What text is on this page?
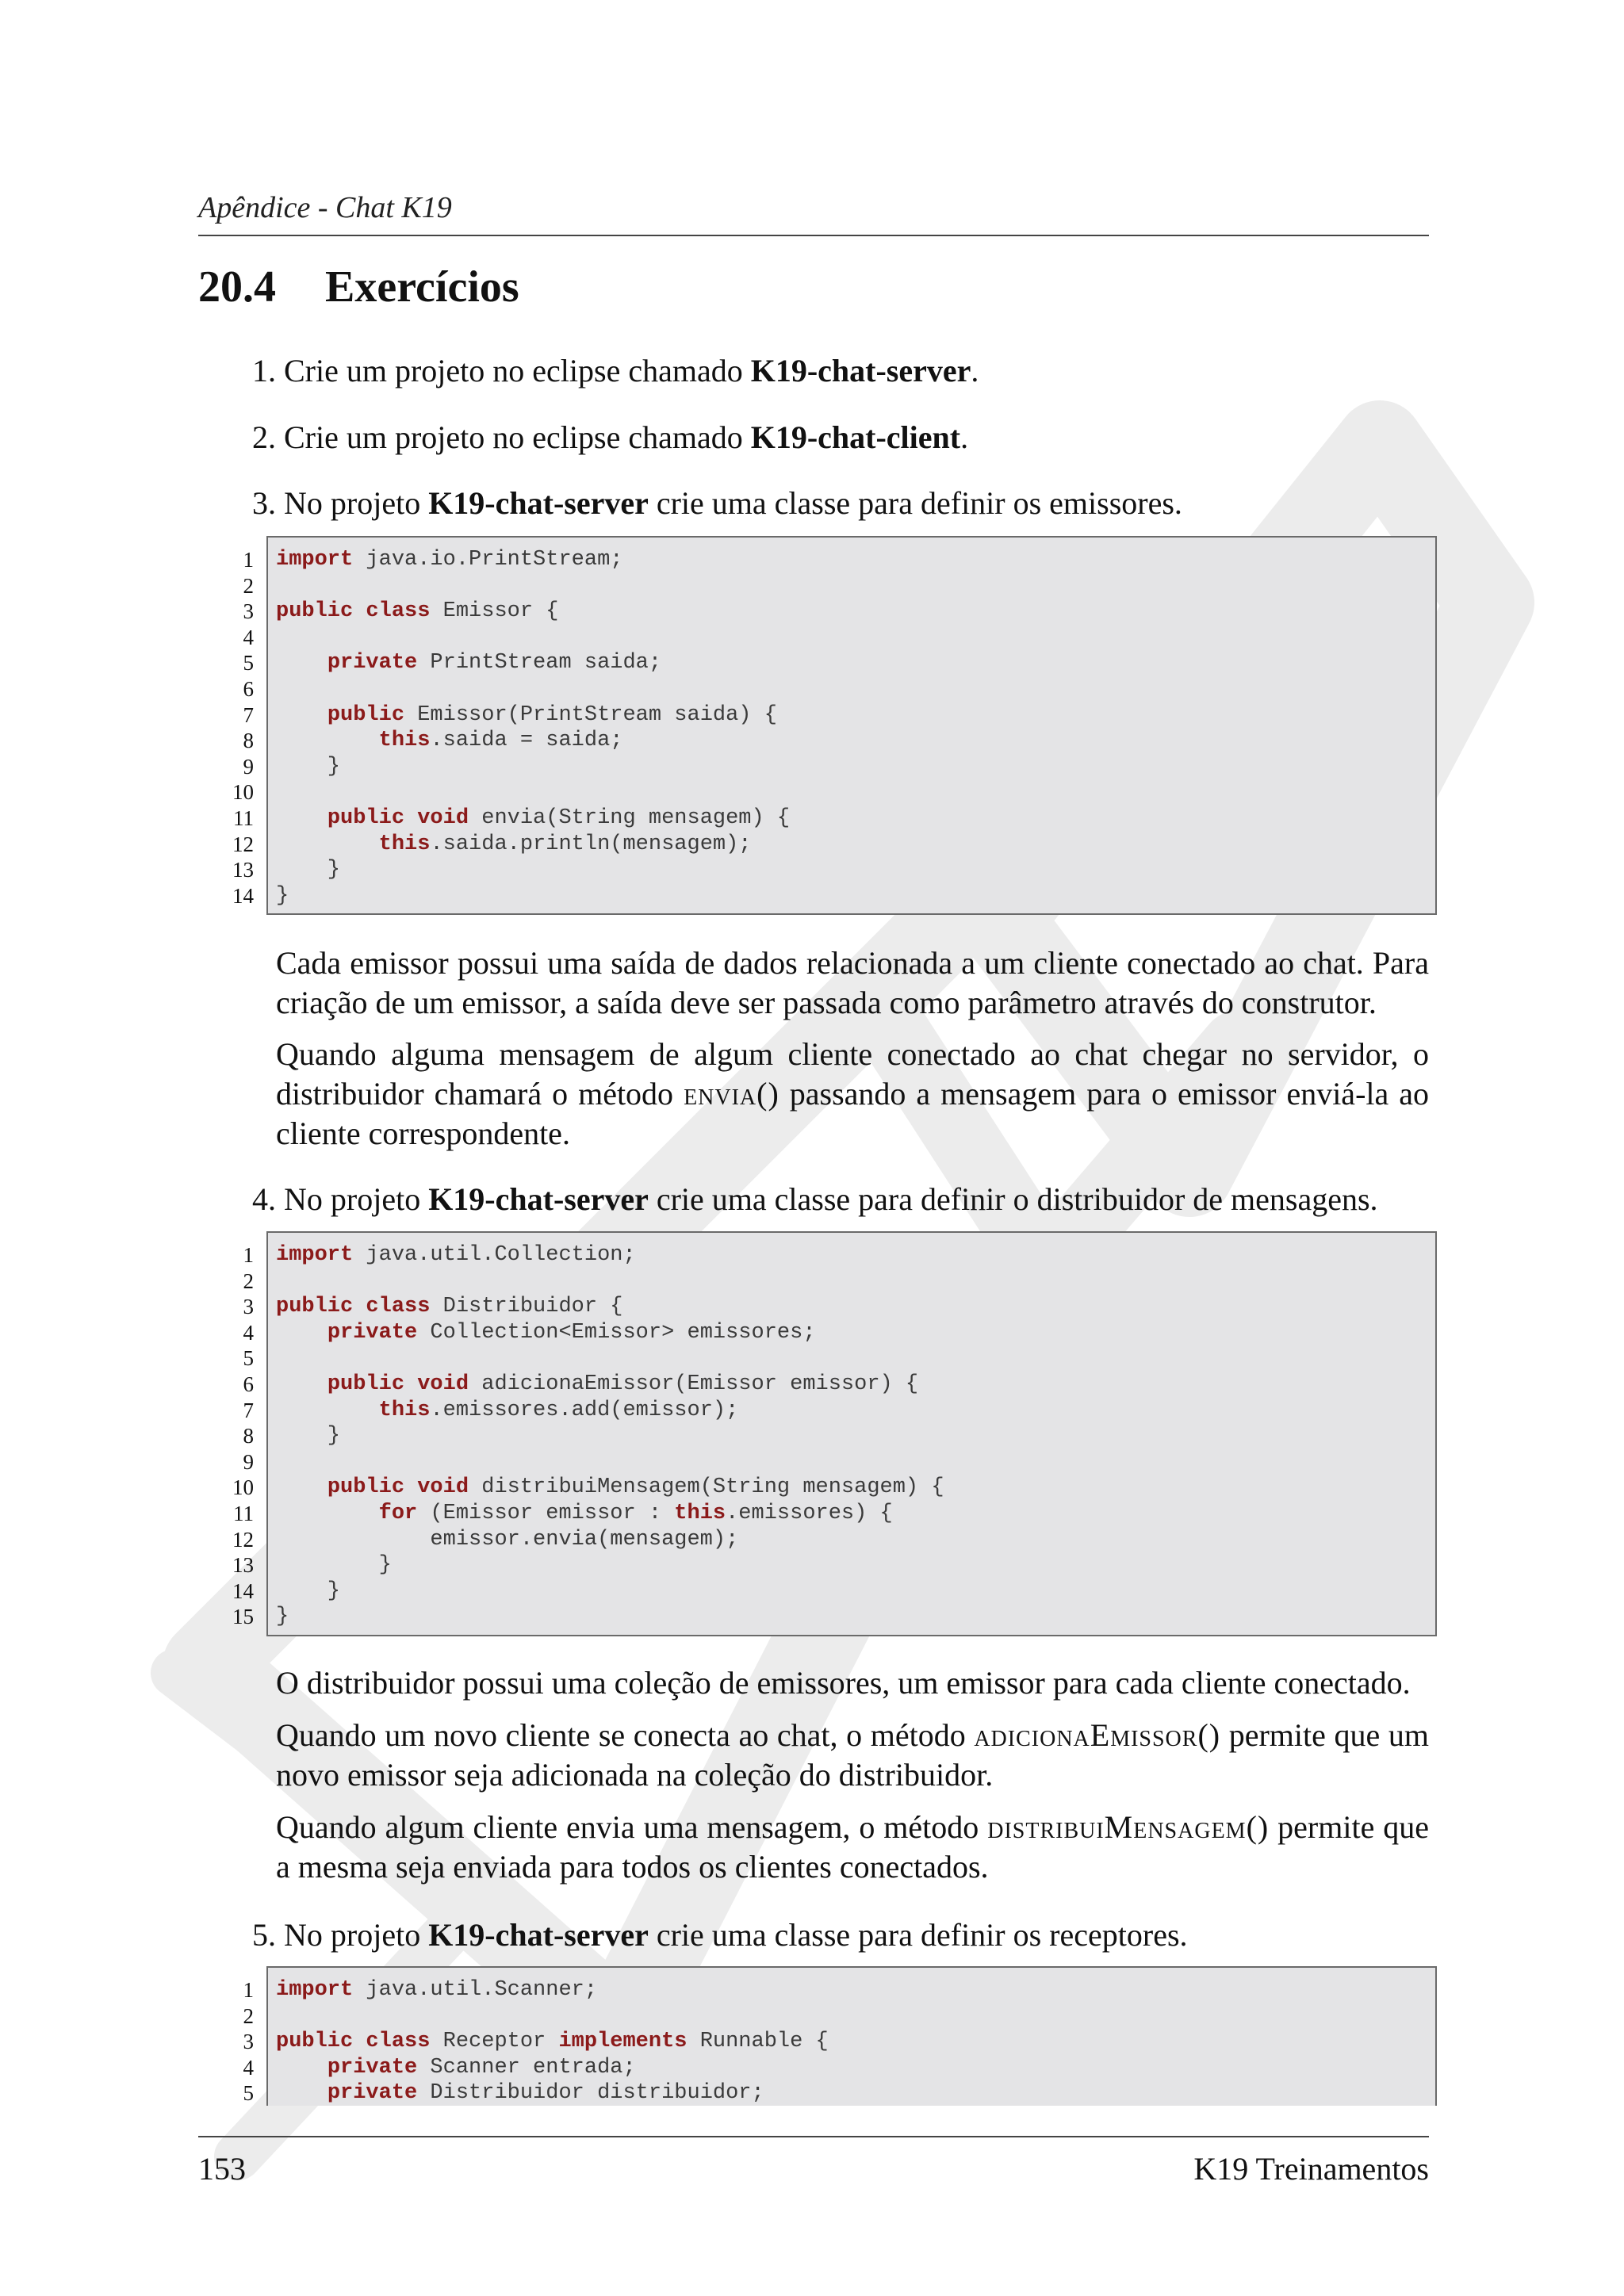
Apêndice - Chat K19
20.4 Exercícios
1. Crie um projeto no eclipse chamado K19-chat-server.
2. Crie um projeto no eclipse chamado K19-chat-client.
3. No projeto K19-chat-server crie uma classe para definir os emissores.
1
2
3
4
5
6
7
8
9
10
11
12
13
14
import java.io.PrintStream;
public class Emissor {
private PrintStream saida;
public Emissor(PrintStream saida) {
this.saida = saida;
}
public void envia(String mensagem) {
this.saida.println(mensagem);
}
}
Cada emissor possui uma saída de dados relacionada a um cliente conectado ao chat. Para criação de um emissor, a saída deve ser passada como parâmetro através do construtor.
Quando alguma mensagem de algum cliente conectado ao chat chegar no servidor, o distribuidor chamará o método envia() passando a mensagem para o emissor enviá-la ao cliente correspondente.
4. No projeto K19-chat-server crie uma classe para definir o distribuidor de mensagens.
1
2
3
4
5
6
7
8
9
10
11
12
13
14
15
import java.util.Collection;
public class Distribuidor {
private Collection<Emissor> emissores;
public void adicionaEmissor(Emissor emissor) {
this.emissores.add(emissor);
}
public void distribuiMensagem(String mensagem) {
for (Emissor emissor : this.emissores) {
emissor.envia(mensagem);
}
}
}
O distribuidor possui uma coleção de emissores, um emissor para cada cliente conectado.
Quando um novo cliente se conecta ao chat, o método adicionaEmissor() permite que um novo emissor seja adicionada na coleção do distribuidor.
Quando algum cliente envia uma mensagem, o método distribuiMensagem() permite que a mesma seja enviada para todos os clientes conectados.
5. No projeto K19-chat-server crie uma classe para definir os receptores.
1
2
3
4
5
import java.util.Scanner;
public class Receptor implements Runnable {
private Scanner entrada;
private Distribuidor distribuidor;
153	K19 Treinamentos
